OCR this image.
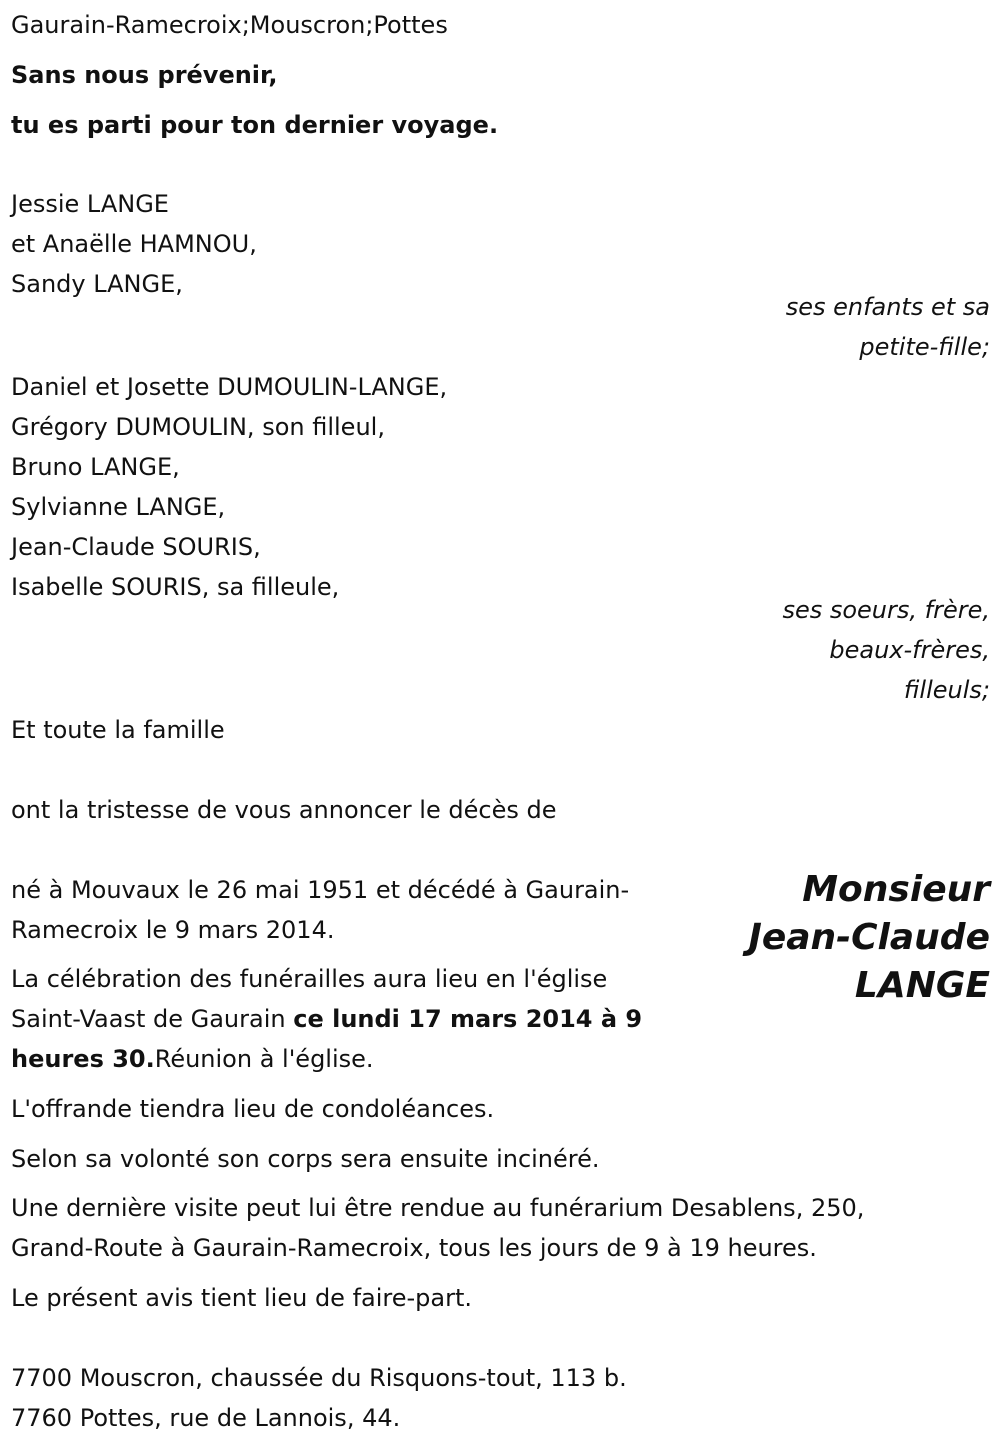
Gaurain-Ramecroix;Mouscron;Pottes
Sans nous prévenir,
tu es parti pour ton dernier voyage.
Jessie LANGE
et Anaëlle HAMNOU,
Sandy LANGE,
ses enfants et sa
petite-fille;
Daniel et Josette DUMOULIN-LANGE,
Grégory DUMOULIN, son filleul,
Bruno LANGE,
Sylvianne LANGE,
Jean-Claude SOURIS,
Isabelle SOURIS, sa filleule,
ses soeurs, frère,
beaux-frères,
filleuls;
Et toute la famille
ont la tristesse de vous annoncer le décès de
Monsieur
Jean-Claude
LANGE
né à Mouvaux le 26 mai 1951 et décédé à Gaurain-
Ramecroix le 9 mars 2014.
La célébration des funérailles aura lieu en l'église
Saint-Vaast de Gaurain ce lundi 17 mars 2014 à 9
heures 30.Réunion à l'église.
L'offrande tiendra lieu de condoléances.
Selon sa volonté son corps sera ensuite incinéré.
Une dernière visite peut lui être rendue au funérarium Desablens, 250,
Grand-Route à Gaurain-Ramecroix, tous les jours de 9 à 19 heures.
Le présent avis tient lieu de faire-part.
7700 Mouscron, chaussée du Risquons-tout, 113 b.
7760 Pottes, rue de Lannois, 44.
